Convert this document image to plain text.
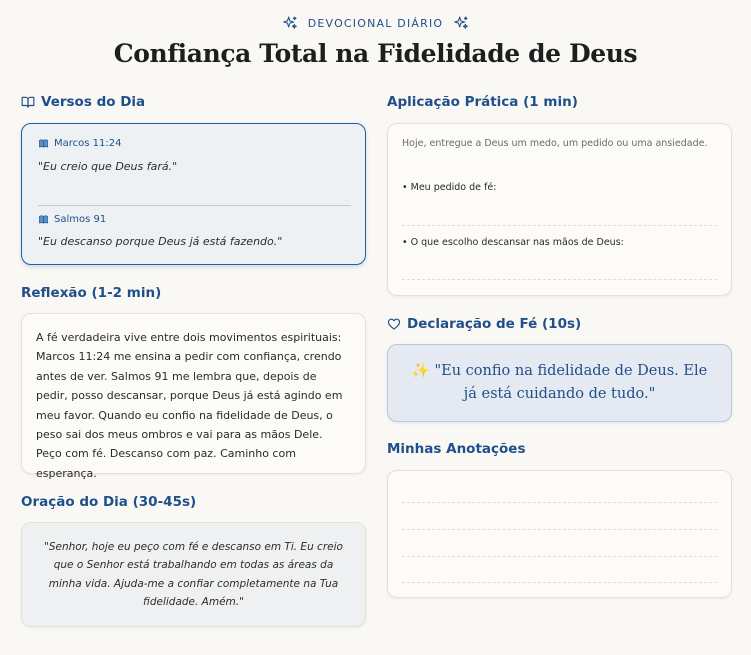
DEVOCIONAL DIÁRIO
Confiança Total na Fidelidade de Deus
Versos do Dia
Marcos 11:24
"Eu creio que Deus fará."
Salmos 91
"Eu descanso porque Deus já está fazendo."
Reflexão (1-2 min)

A fé verdadeira vive entre dois movimentos espirituais: Marcos 11:24 me ensina a pedir com confiança, crendo antes de ver. Salmos 91 me lembra que, depois de pedir, posso descansar, porque Deus já está agindo em meu favor. Quando eu confio na fidelidade de Deus, o peso sai dos meus ombros e vai para as mãos Dele. Peço com fé. Descanso com paz. Caminho com esperança.

Oração do Dia (30-45s)

"Senhor, hoje eu peço com fé e descanso em Ti. Eu creio que o Senhor está trabalhando em todas as áreas da minha vida. Ajuda-me a confiar completamente na Tua fidelidade. Amém."

Aplicação Prática (1 min)
Hoje, entregue a Deus um medo, um pedido ou uma ansiedade.
• Meu pedido de fé:
• O que escolho descansar nas mãos de Deus:
Declaração de Fé (10s)

✨ "Eu confio na fidelidade de Deus. Ele já está cuidando de tudo."

Minhas Anotações
